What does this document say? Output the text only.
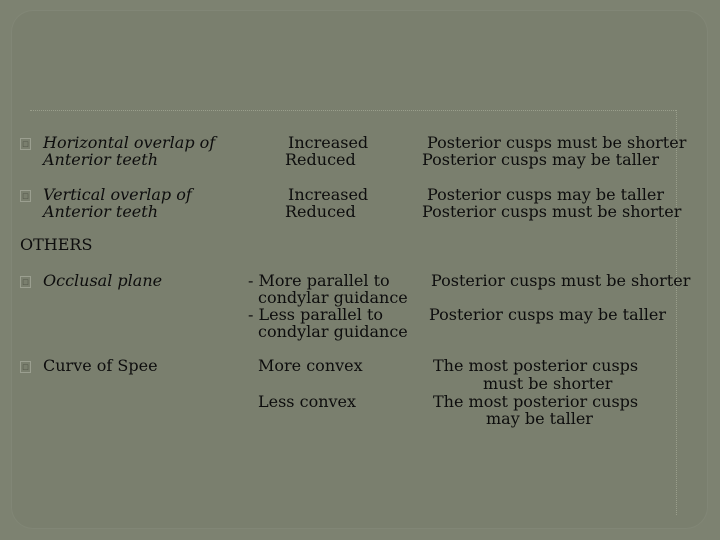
□ Horizontal overlap of
Anterior teeth
Increased
Reduced
Posterior cusps must be shorter
Posterior cusps may be taller
□ Vertical overlap of
Anterior teeth
Increased
Reduced
Posterior cusps may be taller
Posterior cusps must be shorter
OTHERS
□ Occlusal plane	- More parallel to
condylar guidance
- Less parallel to
condylar guidance
Posterior cusps must be shorter
Posterior cusps may be taller
□ Curve of Spee	More convex
Less convex
The most posterior cusps
must be shorter
The most posterior cusps
may be taller
